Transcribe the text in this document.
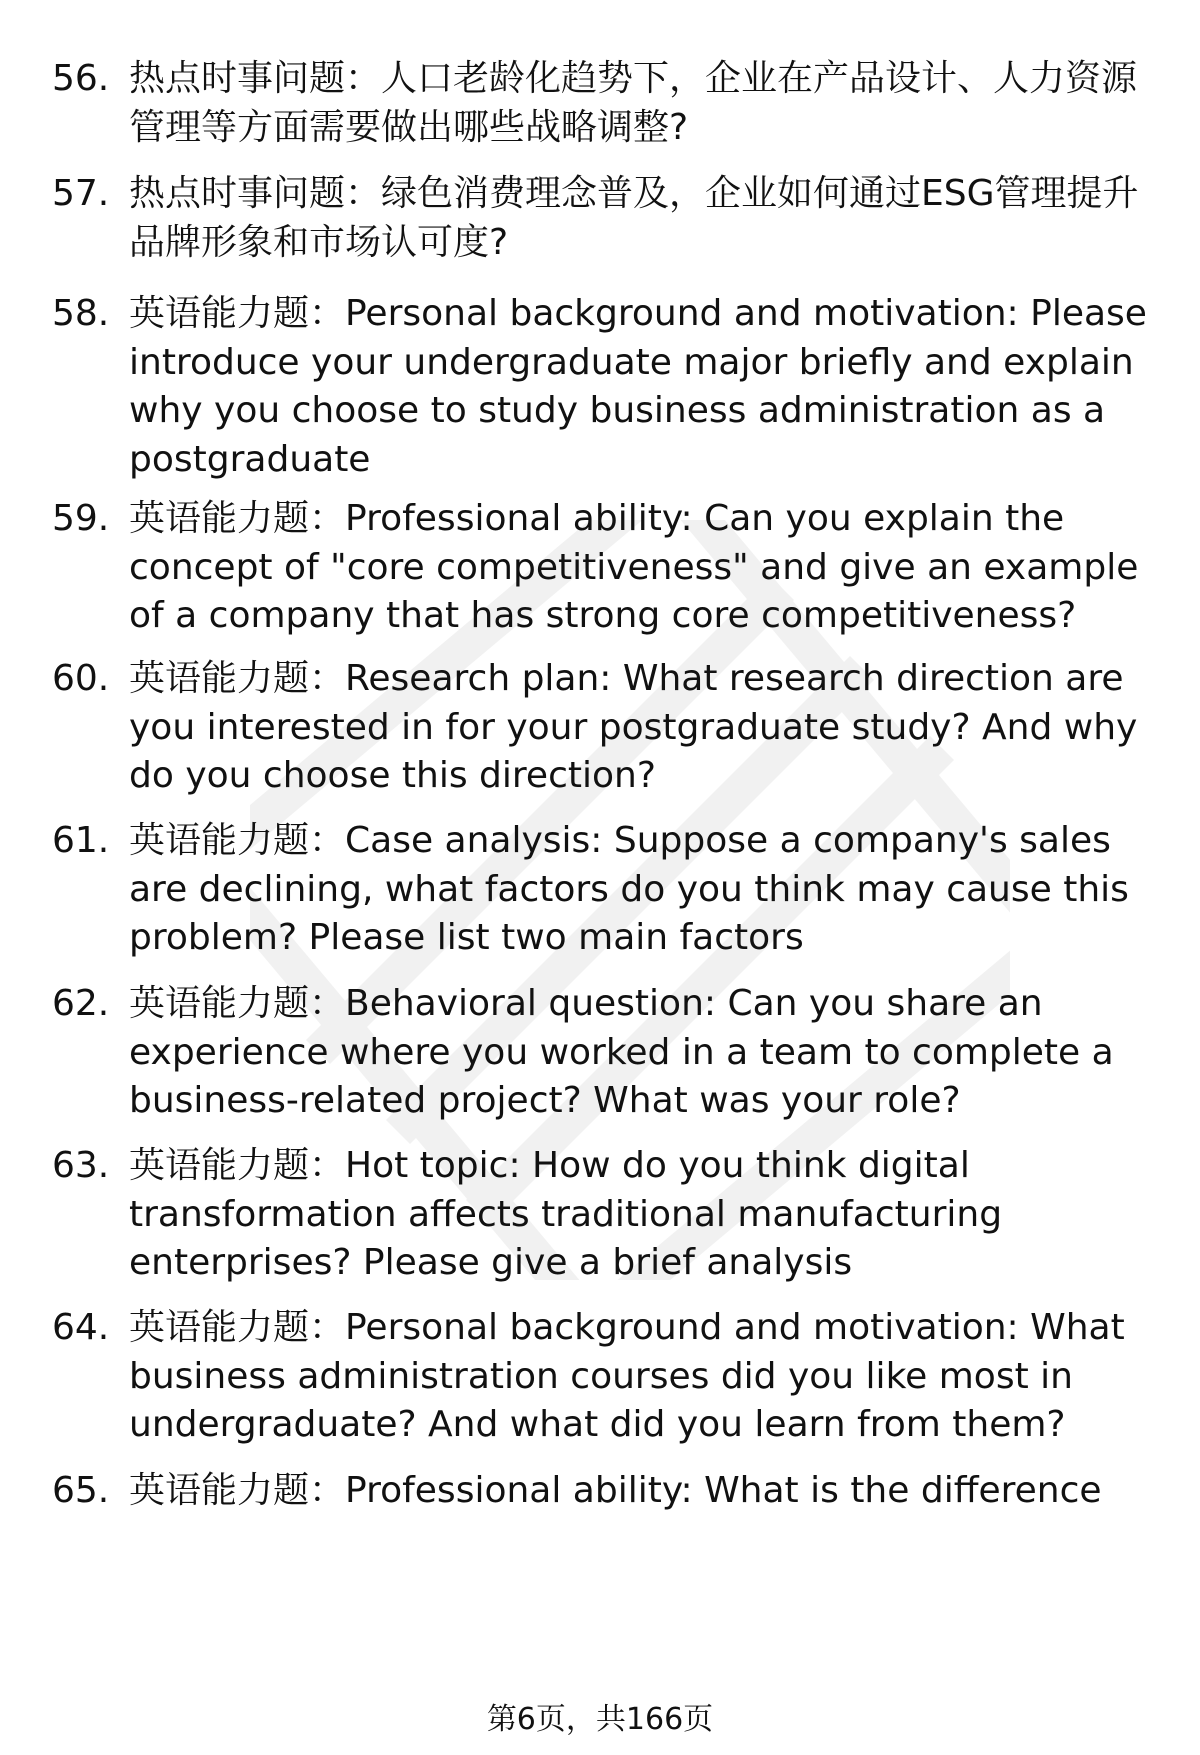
56. 热点时事问题：人口老龄化趋势下，企业在产品设计、人力资源管理等方面需要做出哪些战略调整?
57. 热点时事问题：绿色消费理念普及，企业如何通过ESG管理提升品牌形象和市场认可度?
58. 英语能力题：Personal background and motivation: Please introduce your undergraduate major briefly and explain why you choose to study business administration as a postgraduate
59. 英语能力题：Professional ability: Can you explain the concept of "core competitiveness" and give an example of a company that has strong core competitiveness?
60. 英语能力题：Research plan: What research direction are you interested in for your postgraduate study? And why do you choose this direction?
61. 英语能力题：Case analysis: Suppose a company's sales are declining, what factors do you think may cause this problem? Please list two main factors
62. 英语能力题：Behavioral question: Can you share an experience where you worked in a team to complete a business-related project? What was your role?
63. 英语能力题：Hot topic: How do you think digital transformation affects traditional manufacturing enterprises? Please give a brief analysis
64. 英语能力题：Personal background and motivation: What business administration courses did you like most in undergraduate? And what did you learn from them?
65. 英语能力题：Professional ability: What is the difference
第6页，共166页
